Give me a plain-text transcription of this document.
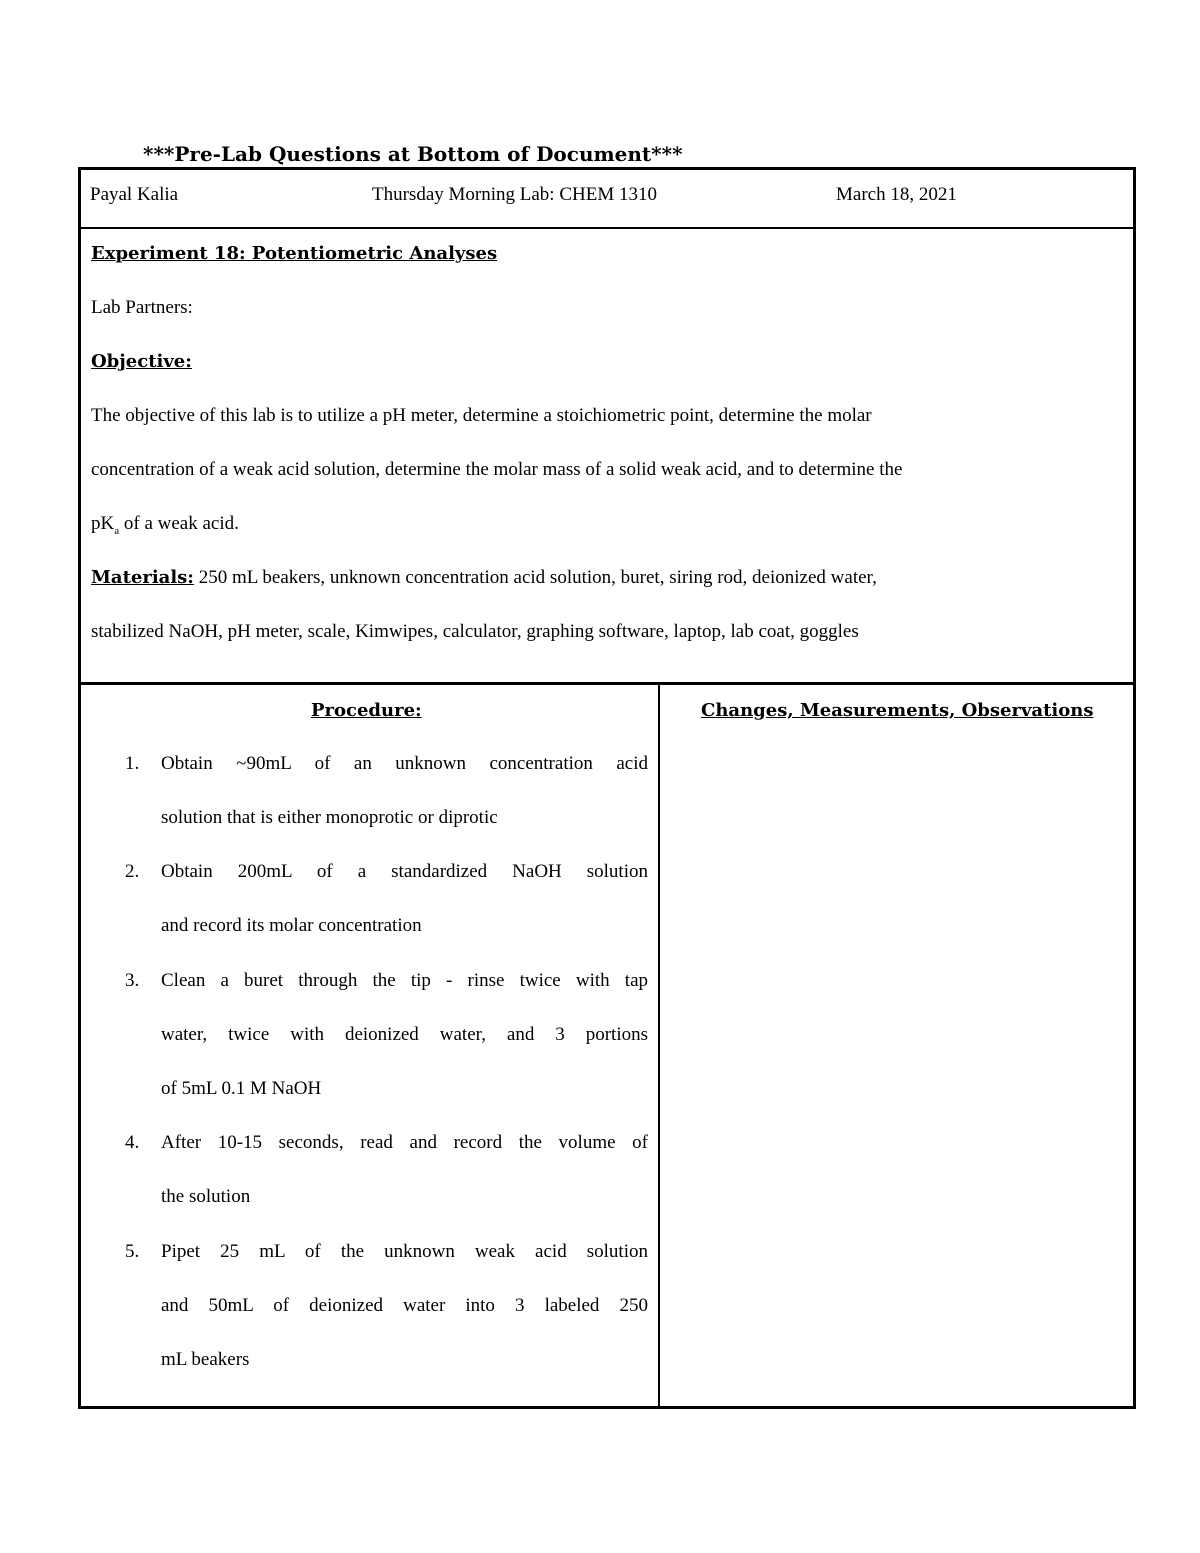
***Pre-Lab Questions at Bottom of Document***
Payal Kalia	Thursday Morning Lab: CHEM 1310	March 18, 2021
Experiment 18: Potentiometric Analyses
Lab Partners:
Objective:
The objective of this lab is to utilize a pH meter, determine a stoichiometric point, determine the molar
concentration of a weak acid solution, determine the molar mass of a solid weak acid, and to determine the
$pK_a$ of a weak acid.
Materials: 250 mL beakers, unknown concentration acid solution, buret, siring rod, deionized water,
stabilized NaOH, pH meter, scale, Kimwipes, calculator, graphing software, laptop, lab coat, goggles
Procedure:	Changes, Measurements, Observations
1. Obtain ~90mL of an unknown concentration acid
solution that is either monoprotic or diprotic
2. Obtain 200mL of a standardized NaOH solution
and record its molar concentration
3. Clean a buret through the tip - rinse twice with tap
water, twice with deionized water, and 3 portions
of 5mL 0.1 M NaOH
4. After 10-15 seconds, read and record the volume of
the solution
5. Pipet 25 mL of the unknown weak acid solution
and 50mL of deionized water into 3 labeled 250
mL beakers
